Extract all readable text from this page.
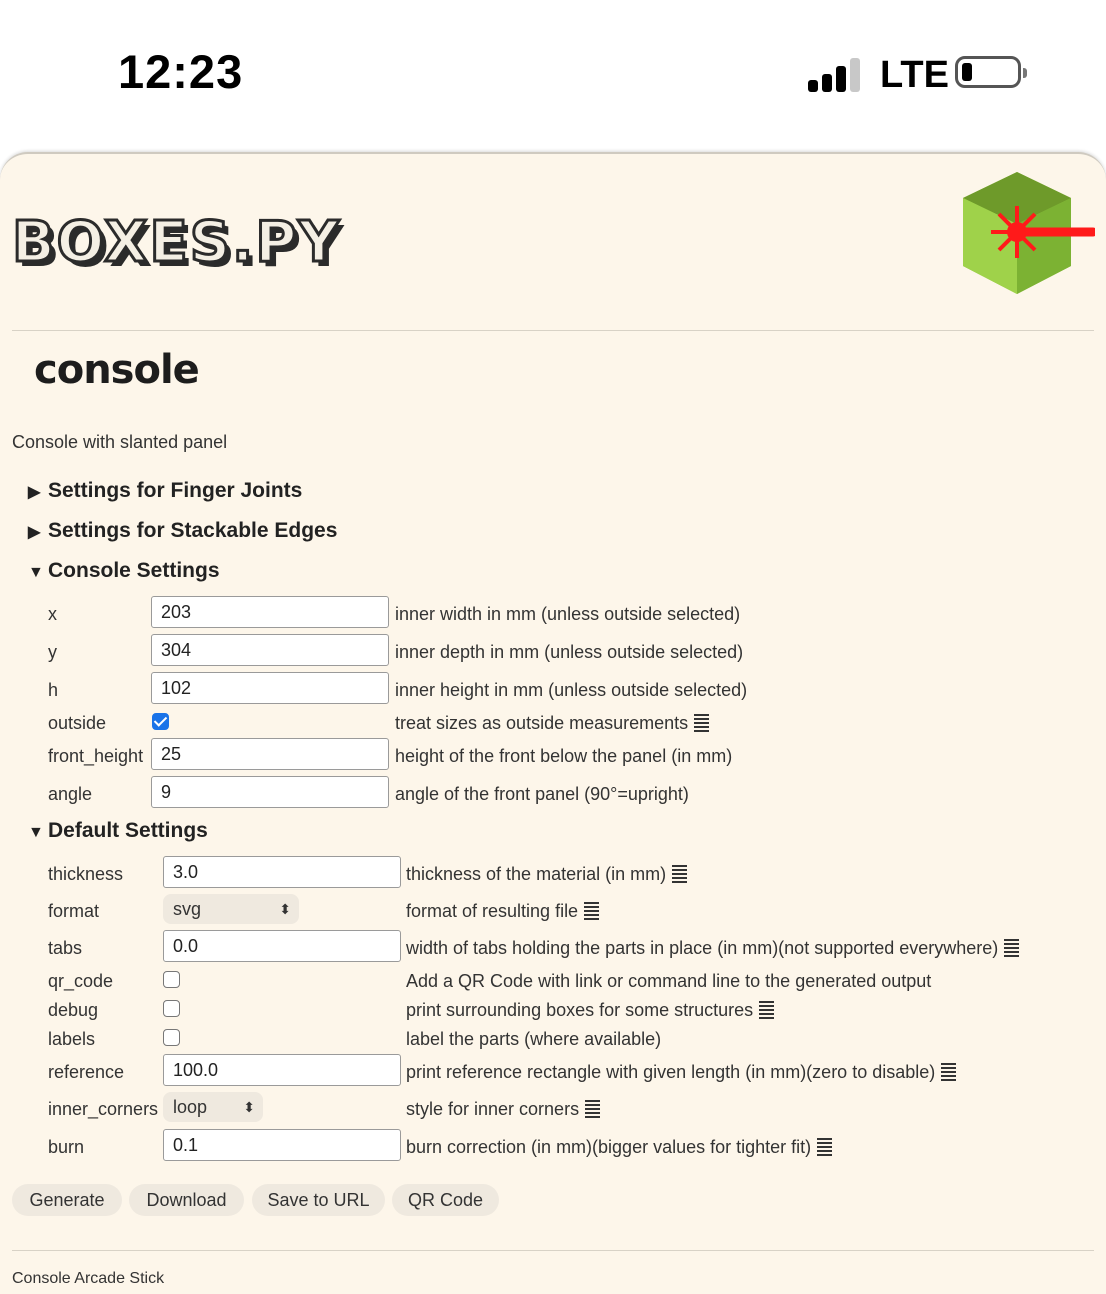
12:23	LTE
BOXES.PY
console
Console with slanted panel
▶ Settings for Finger Joints
▶ Settings for Stackable Edges
▼ Console Settings
x	203	inner width in mm (unless outside selected)
y	304	inner depth in mm (unless outside selected)
h	102	inner height in mm (unless outside selected)
outside	treat sizes as outside measurements
front_height 25	height of the front below the panel (in mm)
angle	9	angle of the front panel (90°=upright)
▼ Default Settings
thickness	3.0	thickness of the material (in mm)
format	svg	⬍	format of resulting file
tabs	0.0	width of tabs holding the parts in place (in mm)(not supported everywhere)
qr_code	Add a QR Code with link or command line to the generated output
debug	print surrounding boxes for some structures
labels	label the parts (where available)
reference	100.0	print reference rectangle with given length (in mm)(zero to disable)
inner_corners loop	⬍	style for inner corners
burn	0.1	burn correction (in mm)(bigger values for tighter fit)
Generate	Download	Save to URL	QR Code
Console Arcade Stick
